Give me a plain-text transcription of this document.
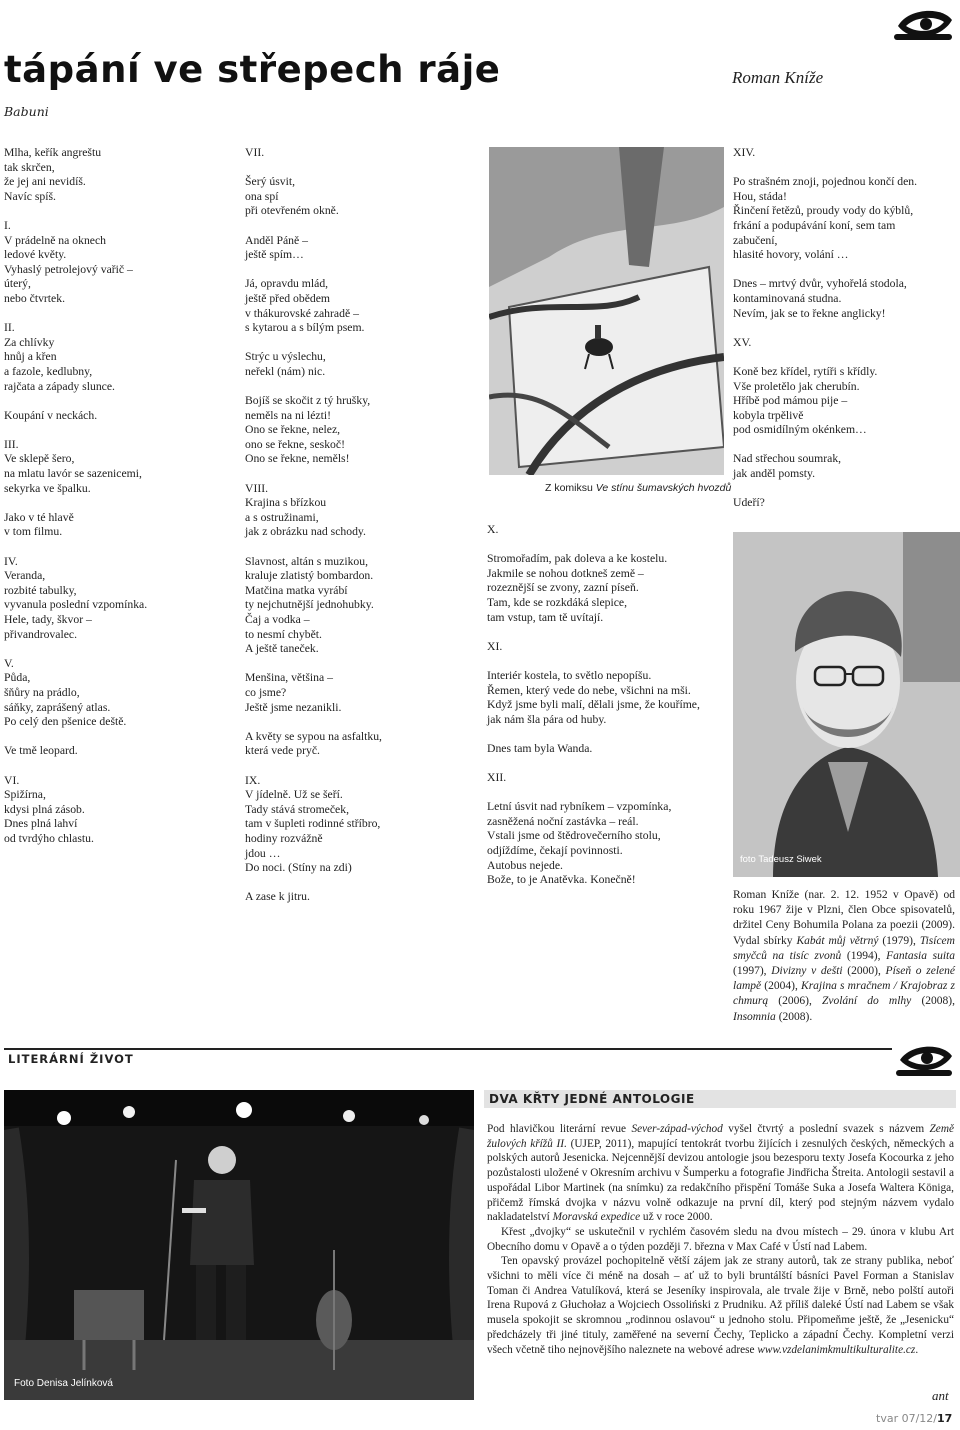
tápání ve střepech ráje	Roman Kníže
Babuni

Mlha, keřík angreštu
tak skrčen,
že jej ani nevidíš.
Navíc spíš.

I.

V prádelně na oknech
ledové květy.
Vyhaslý petrolejový vařič –
úterý,
nebo čtvrtek.

II.

Za chlívky
hnůj a křen
a fazole, kedlubny,
rajčata a západy slunce.

Koupání v neckách.

III.

Ve sklepě šero,
na mlatu lavór se sazenicemi,
sekyrka ve špalku.

Jako v té hlavě
v tom filmu.

IV.

Veranda,
rozbité tabulky,
vyvanula poslední vzpomínka.
Hele, tady, škvor –
přivandrovalec.

V.

Půda,
šňůry na prádlo,
sáňky, zaprášený atlas.
Po celý den pšenice deště.

Ve tmě leopard.

VI.

Spižírna,
kdysi plná zásob.
Dnes plná lahví
od tvrdýho chlastu.

VII.

Šerý úsvit,
ona spí
při otevřeném okně.

Anděl Páně –
ještě spím…

Já, opravdu mlád,
ještě před obědem
v thákurovské zahradě –
s kytarou a s bílým psem.

Strýc u výslechu,
neřekl (nám) nic.

Bojíš se skočit z tý hrušky,
neměls na ni lézti!
Ono se řekne, nelez,
ono se řekne, seskoč!
Ono se řekne, neměls!

VIII.

Krajina s břízkou
a s ostružinami,
jak z obrázku nad schody.

Slavnost, altán s muzikou,
kraluje zlatistý bombardon.
Matčina matka vyrábí
ty nejchutnější jednohubky.
Čaj a vodka –
to nesmí chybět.
A ještě taneček.

Menšina, většina –
co jsme?
Ještě jsme nezanikli.

A květy se sypou na asfaltku,
která vede pryč.

IX.

V jídelně. Už se šeří.
Tady stává stromeček,
tam v šupleti rodinné stříbro,
hodiny rozvážně
jdou …
Do noci. (Stíny na zdi)

A zase k jitru.

Z komiksu Ve stínu šumavských hvozdů

X.

Stromořadím, pak doleva a ke kostelu.
Jakmile se nohou dotkneš země –
rozeznější se zvony, zazní píseň.
Tam, kde se rozkdáká slepice,
tam vstup, tam tě uvítají.

XI.

Interiér kostela, to světlo nepopíšu.
Řemen, který vede do nebe, všichni na mši.
Když jsme byli malí, dělali jsme, že kouříme,
jak nám šla pára od huby.

Dnes tam byla Wanda.

XII.

Letní úsvit nad rybníkem – vzpomínka,
zasněžená noční zastávka – reál.
Vstali jsme od štědrovečerního stolu,
odjíždíme, čekají povinnosti.
Autobus nejede.
Bože, to je Anatěvka. Konečně!

XIV.

Po strašném znoji, pojednou končí den.
Hou, stáda!
Řinčení řetězů, proudy vody do kýblů,
frkání a podupávání koní, sem tam
zabučení,
hlasité hovory, volání …

Dnes – mrtvý dvůr, vyhořelá stodola,
kontaminovaná studna.
Nevím, jak se to řekne anglicky!

XV.

Koně bez křídel, rytíři s křídly.
Vše proletělo jak cherubín.
Hříbě pod mámou pije –
kobyla trpělivě
pod osmidílným okénkem…

Nad střechou soumrak,
jak anděl pomsty.

Udeří?

foto Tadeusz Siwek
Roman Kníže (nar. 2. 12. 1952 v Opavě) od roku 1967 žije v Plzni, člen Obce spisovatelů, držitel Ceny Bohumila Polana za poezii (2009). Vydal sbírky Kabát můj větrný (1979), Tisícem smyčců na tisíc zvonů (1994), Fantasia suita (1997), Divizny v dešti (2000), Píseň o zelené lampě (2004), Krajina s mračnem / Krajobraz z chmurą (2006), Zvolání do mlhy (2008), Insomnia (2008).
LITERÁRNÍ ŽIVOT
Foto Denisa Jelínková
DVA KŘTY JEDNÉ ANTOLOGIE

Pod hlavičkou literární revue Sever-západ-východ vyšel čtvrtý a poslední svazek s názvem Země žulových křížů II. (UJEP, 2011), mapující tentokrát tvorbu žijících i zesnulých českých, německých a polských autorů Jesenicka. Nejcennější devizou antologie jsou bezesporu texty Josefa Kocourka z jeho pozůstalosti uložené v Okresním archivu v Šumperku a fotografie Jindřicha Štreita. Antologii sestavil a uspořádal Libor Martinek (na snímku) za redakčního přispění Tomáše Suka a Josefa Waltera Königa, přičemž římská dvojka v názvu volně odkazuje na první díl, který pod stejným názvem vydalo nakladatelství Moravská expedice už v roce 2000.

Křest „dvojky“ se uskutečnil v rychlém časovém sledu na dvou místech – 29. února v klubu Art Obecního domu v Opavě a o týden později 7. března v Max Café v Ústí nad Labem.

Ten opavský provázel pochopitelně větší zájem jak ze strany autorů, tak ze strany publika, neboť všichni to měli více či méně na dosah – ať už to byli bruntálští básníci Pavel Forman a Stanislav Toman či Andrea Vatulíková, která se Jeseníky inspirovala, ale trvale žije v Brně, nebo polští autoři Irena Rupová z Głuchołaz a Wojciech Ossoliński z Prudniku. Až příliš daleké Ústí nad Labem se však musela spokojit se skromnou „rodinnou oslavou“ u jednoho stolu. Připomeňme ještě, že „Jesenicku“ předcházely tři jiné tituly, zaměřené na severní Čechy, Teplicko a západní Čechy. Kompletní verzi všech včetně tiho nejnovějšího naleznete na webové adrese www.vzdelanimkmultikulturalite.cz.

ant
tvar 07/12/17
